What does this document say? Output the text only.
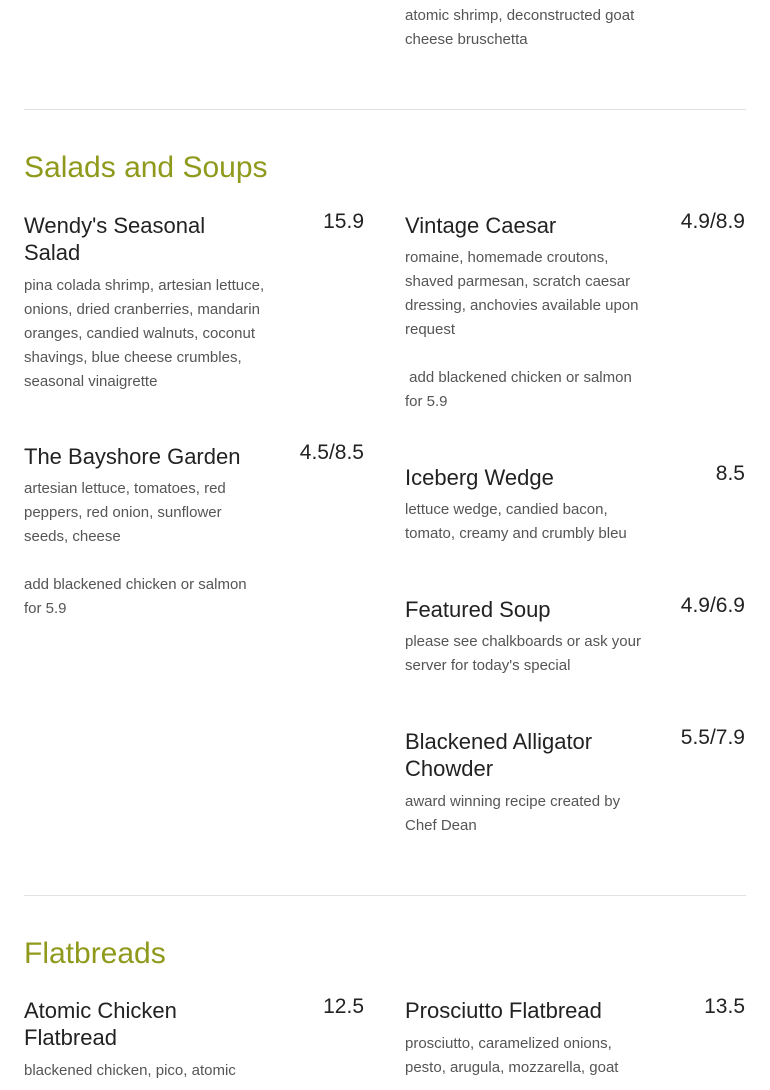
atomic shrimp, deconstructed goat cheese bruschetta

Salads and Soups
Wendy's Seasonal Salad
15.9
pina colada shrimp, artesian lettuce, onions, dried cranberries, mandarin oranges, candied walnuts, coconut shavings, blue cheese crumbles, seasonal vinaigrette
The Bayshore Garden	4.5/8.5
artesian lettuce, tomatoes, red peppers, red onion, sunflower seeds, cheese
add blackened chicken or salmon for 5.9
Vintage Caesar	4.9/8.9
romaine, homemade croutons, shaved parmesan, scratch caesar dressing, anchovies available upon request
add blackened chicken or salmon for 5.9
Iceberg Wedge	8.5
lettuce wedge, candied bacon, tomato, creamy and crumbly bleu
Featured Soup	4.9/6.9
please see chalkboards or ask your server for today's special
Blackened Alligator Chowder
5.5/7.9
award winning recipe created by Chef Dean
Flatbreads
Atomic Chicken Flatbread
12.5
blackened chicken, pico, atomic
Prosciutto Flatbread	13.5
prosciutto, caramelized onions, pesto, arugula, mozzarella, goat
